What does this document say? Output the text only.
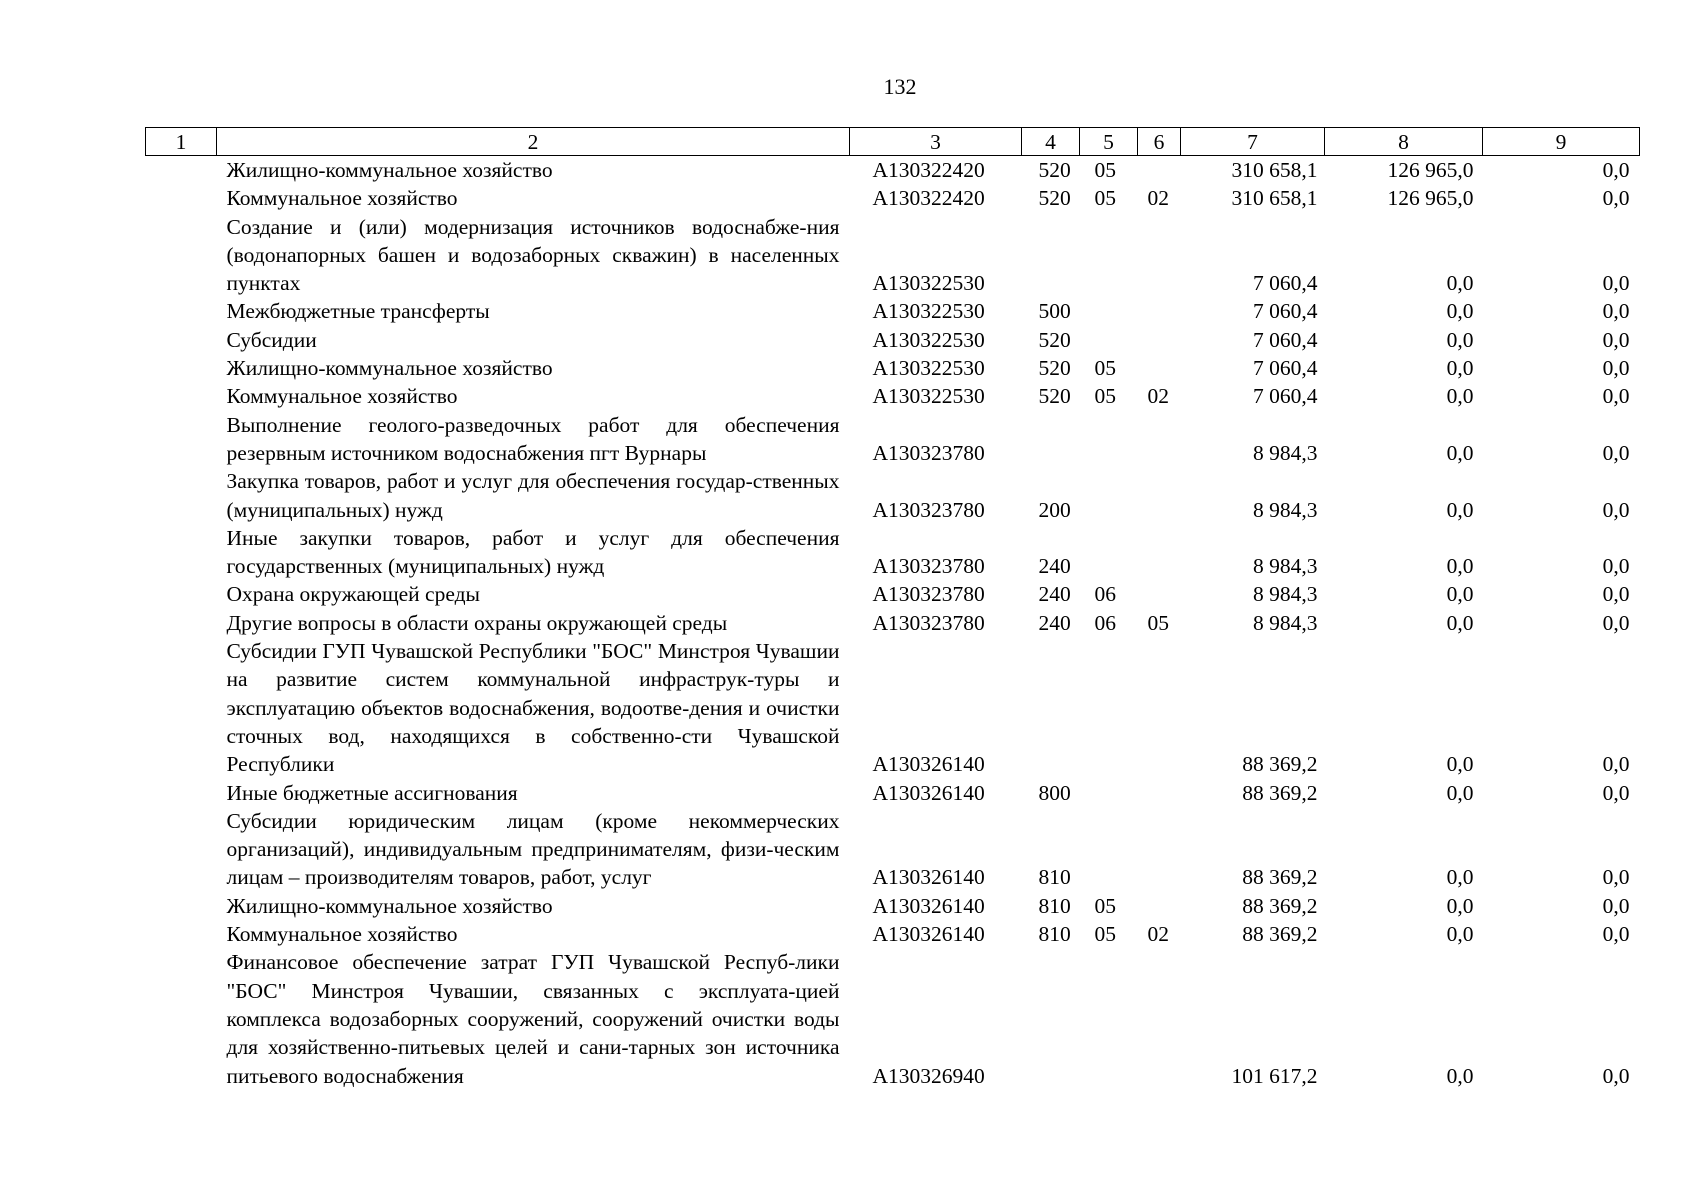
132
1	2	3	4	5	6	7	8	9
	Жилищно-коммунальное хозяйство	А130322420	520	05		310 658,1	126 965,0	0,0
	Коммунальное хозяйство	А130322420	520	05	02	310 658,1	126 965,0	0,0
	Создание и (или) модернизация источников водоснабже-ния (водонапорных башен и водозаборных скважин) в населенных пунктах	А130322530				7 060,4	0,0	0,0
	Межбюджетные трансферты	А130322530	500			7 060,4	0,0	0,0
	Субсидии	А130322530	520			7 060,4	0,0	0,0
	Жилищно-коммунальное хозяйство	А130322530	520	05		7 060,4	0,0	0,0
	Коммунальное хозяйство	А130322530	520	05	02	7 060,4	0,0	0,0
	Выполнение геолого-разведочных работ для обеспечения резервным источником водоснабжения пгт Вурнары	А130323780				8 984,3	0,0	0,0
	Закупка товаров, работ и услуг для обеспечения государ-ственных (муниципальных) нужд	А130323780	200			8 984,3	0,0	0,0
	Иные закупки товаров, работ и услуг для обеспечения государственных (муниципальных) нужд	А130323780	240			8 984,3	0,0	0,0
	Охрана окружающей среды	А130323780	240	06		8 984,3	0,0	0,0
	Другие вопросы в области охраны окружающей среды	А130323780	240	06	05	8 984,3	0,0	0,0
	Субсидии ГУП Чувашской Республики "БОС" Минстроя Чувашии на развитие систем коммунальной инфраструк-туры и эксплуатацию объектов водоснабжения, водоотве-дения и очистки сточных вод, находящихся в собственно-сти Чувашской Республики	А130326140				88 369,2	0,0	0,0
	Иные бюджетные ассигнования	А130326140	800			88 369,2	0,0	0,0
	Субсидии юридическим лицам (кроме некоммерческих организаций), индивидуальным предпринимателям, физи-ческим лицам – производителям товаров, работ, услуг	А130326140	810			88 369,2	0,0	0,0
	Жилищно-коммунальное хозяйство	А130326140	810	05		88 369,2	0,0	0,0
	Коммунальное хозяйство	А130326140	810	05	02	88 369,2	0,0	0,0
	Финансовое обеспечение затрат ГУП Чувашской Респуб-лики "БОС" Минстроя Чувашии, связанных с эксплуата-цией комплекса водозаборных сооружений, сооружений очистки воды для хозяйственно-питьевых целей и сани-тарных зон источника питьевого водоснабжения	А130326940				101 617,2	0,0	0,0
